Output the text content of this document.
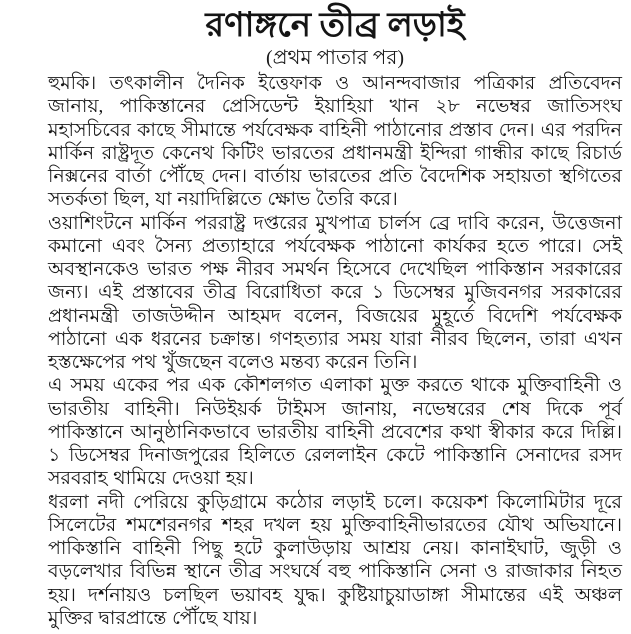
রণাঙ্গনে তীব্র লড়াই
(প্রথম পাতার পর)

হুমকি। তৎকালীন দৈনিক ইত্তেফাক ও আনন্দবাজার পত্রিকার প্রতিবেদন জানায়, পাকিস্তানের প্রেসিডেন্ট ইয়াহিয়া খান ২৮ নভেম্বর জাতিসংঘ মহাসচিবের কাছে সীমান্তে পর্যবেক্ষক বাহিনী পাঠানোর প্রস্তাব দেন। এর পরদিন মার্কিন রাষ্ট্রদূত কেনেথ কিটিং ভারতের প্রধানমন্ত্রী ইন্দিরা গান্ধীর কাছে রিচার্ড নিক্সনের বার্তা পৌঁছে দেন। বার্তায় ভারতের প্রতি বৈদেশিক সহায়তা স্থগিতের সতর্কতা ছিল, যা নয়াদিল্লিতে ক্ষোভ তৈরি করে।

ওয়াশিংটনে মার্কিন পররাষ্ট্র দপ্তরের মুখপাত্র চার্লস ব্রে দাবি করেন, উত্তেজনা কমানো এবং সৈন্য প্রত্যাহারে পর্যবেক্ষক পাঠানো কার্যকর হতে পারে। সেই অবস্থানকেও ভারত পক্ষ নীরব সমর্থন হিসেবে দেখেছিল পাকিস্তান সরকারের জন্য। এই প্রস্তাবের তীব্র বিরোধিতা করে ১ ডিসেম্বর মুজিবনগর সরকারের প্রধানমন্ত্রী তাজউদ্দীন আহমদ বলেন, বিজয়ের মুহূর্তে বিদেশি পর্যবেক্ষক পাঠানো এক ধরনের চক্রান্ত। গণহত্যার সময় যারা নীরব ছিলেন, তারা এখন হস্তক্ষেপের পথ খুঁজছেন বলেও মন্তব্য করেন তিনি।

এ সময় একের পর এক কৌশলগত এলাকা মুক্ত করতে থাকে মুক্তিবাহিনী ও ভারতীয় বাহিনী। নিউইয়র্ক টাইমস জানায়, নভেম্বরের শেষ দিকে পূর্ব পাকিস্তানে আনুষ্ঠানিকভাবে ভারতীয় বাহিনী প্রবেশের কথা স্বীকার করে দিল্লি। ১ ডিসেম্বর দিনাজপুরের হিলিতে রেললাইন কেটে পাকিস্তানি সেনাদের রসদ সরবরাহ থামিয়ে দেওয়া হয়।

ধরলা নদী পেরিয়ে কুড়িগ্রামে কঠোর লড়াই চলে। কয়েকশ কিলোমিটার দূরে সিলেটের শমশেরনগর শহর দখল হয় মুক্তিবাহিনীভারতের যৌথ অভিযানে। পাকিস্তানি বাহিনী পিছু হটে কুলাউড়ায় আশ্রয় নেয়। কানাইঘাট, জুড়ী ও বড়লেখার বিভিন্ন স্থানে তীব্র সংঘর্ষে বহু পাকিস্তানি সেনা ও রাজাকার নিহত হয়। দর্শনায়ও চলছিল ভয়াবহ যুদ্ধ। কুষ্টিয়াচুয়াডাঙ্গা সীমান্তের এই অঞ্চল মুক্তির দ্বারপ্রান্তে পৌঁছে যায়।
